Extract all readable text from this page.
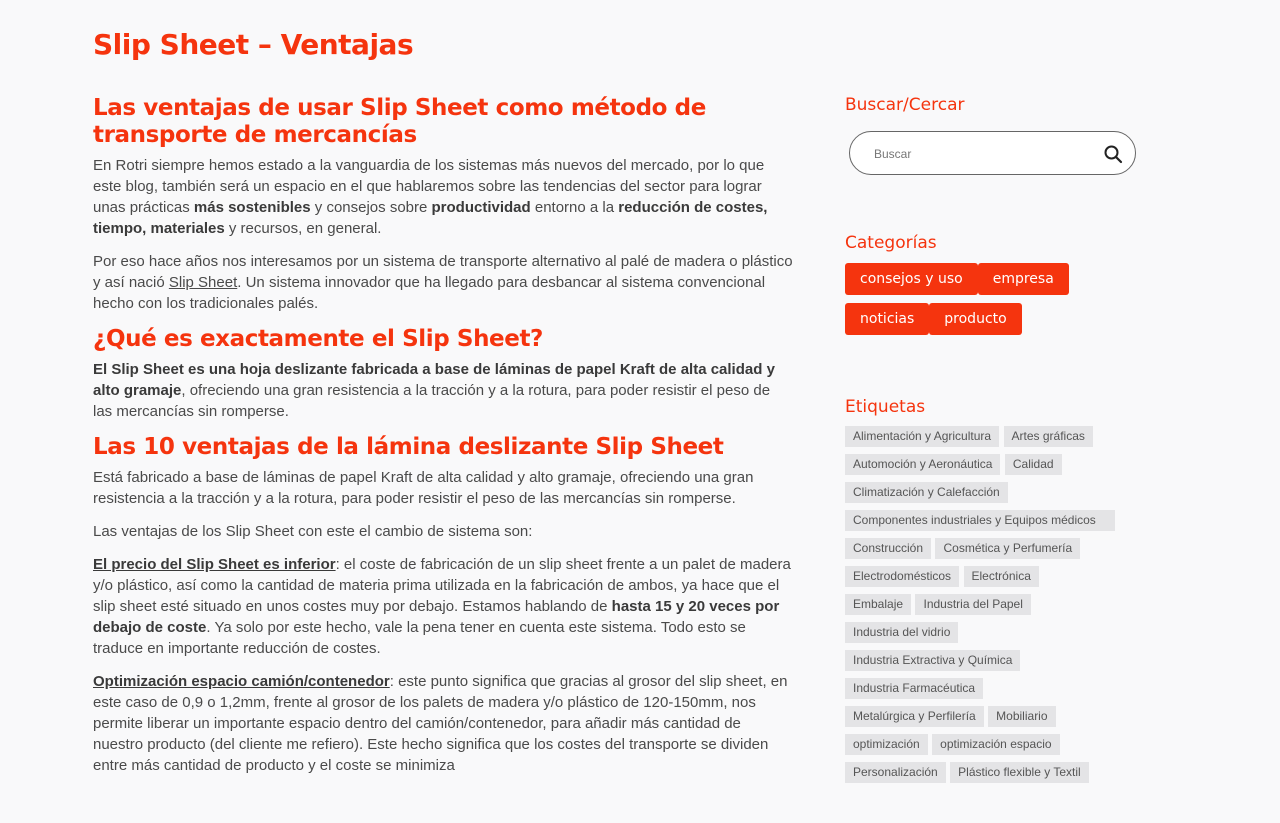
Slip Sheet – Ventajas
Las ventajas de usar Slip Sheet como método de transporte de mercancías

En Rotri siempre hemos estado a la vanguardia de los sistemas más nuevos del mercado, por lo que este blog, también será un espacio en el que hablaremos sobre las tendencias del sector para lograr unas prácticas más sostenibles y consejos sobre productividad entorno a la reducción de costes, tiempo, materiales y recursos, en general.

Por eso hace años nos interesamos por un sistema de transporte alternativo al palé de madera o plástico y así nació Slip Sheet. Un sistema innovador que ha llegado para desbancar al sistema convencional hecho con los tradicionales palés.

¿Qué es exactamente el Slip Sheet?

El Slip Sheet es una hoja deslizante fabricada a base de láminas de papel Kraft de alta calidad y alto gramaje, ofreciendo una gran resistencia a la tracción y a la rotura, para poder resistir el peso de las mercancías sin romperse.

Las 10 ventajas de la lámina deslizante Slip Sheet

Está fabricado a base de láminas de papel Kraft de alta calidad y alto gramaje, ofreciendo una gran resistencia a la tracción y a la rotura, para poder resistir el peso de las mercancías sin romperse.

Las ventajas de los Slip Sheet con este el cambio de sistema son:

El precio del Slip Sheet es inferior: el coste de fabricación de un slip sheet frente a un palet de madera y/o plástico, así como la cantidad de materia prima utilizada en la fabricación de ambos, ya hace que el slip sheet esté situado en unos costes muy por debajo. Estamos hablando de hasta 15 y 20 veces por debajo de coste. Ya solo por este hecho, vale la pena tener en cuenta este sistema. Todo esto se traduce en importante reducción de costes.

Optimización espacio camión/contenedor: este punto significa que gracias al grosor del slip sheet, en este caso de 0,9 o 1,2mm, frente al grosor de los palets de madera y/o plástico de 120-150mm, nos permite liberar un importante espacio dentro del camión/contenedor, para añadir más cantidad de nuestro producto (del cliente me refiero). Este hecho significa que los costes del transporte se dividen entre más cantidad de producto y el coste se minimiza

Buscar/Cercar
Buscar
Categorías
consejos y uso empresa
noticias producto
Etiquetas
Alimentación y Agricultura Artes gráficas
Automoción y Aeronáutica Calidad
Climatización y Calefacción
Componentes industriales y Equipos médicos
Construcción Cosmética y Perfumería
Electrodomésticos Electrónica
Embalaje Industria del Papel
Industria del vidrio
Industria Extractiva y Química
Industria Farmacéutica
Metalúrgica y Perfilería Mobiliario
optimización optimización espacio
Personalización Plástico flexible y Textil
